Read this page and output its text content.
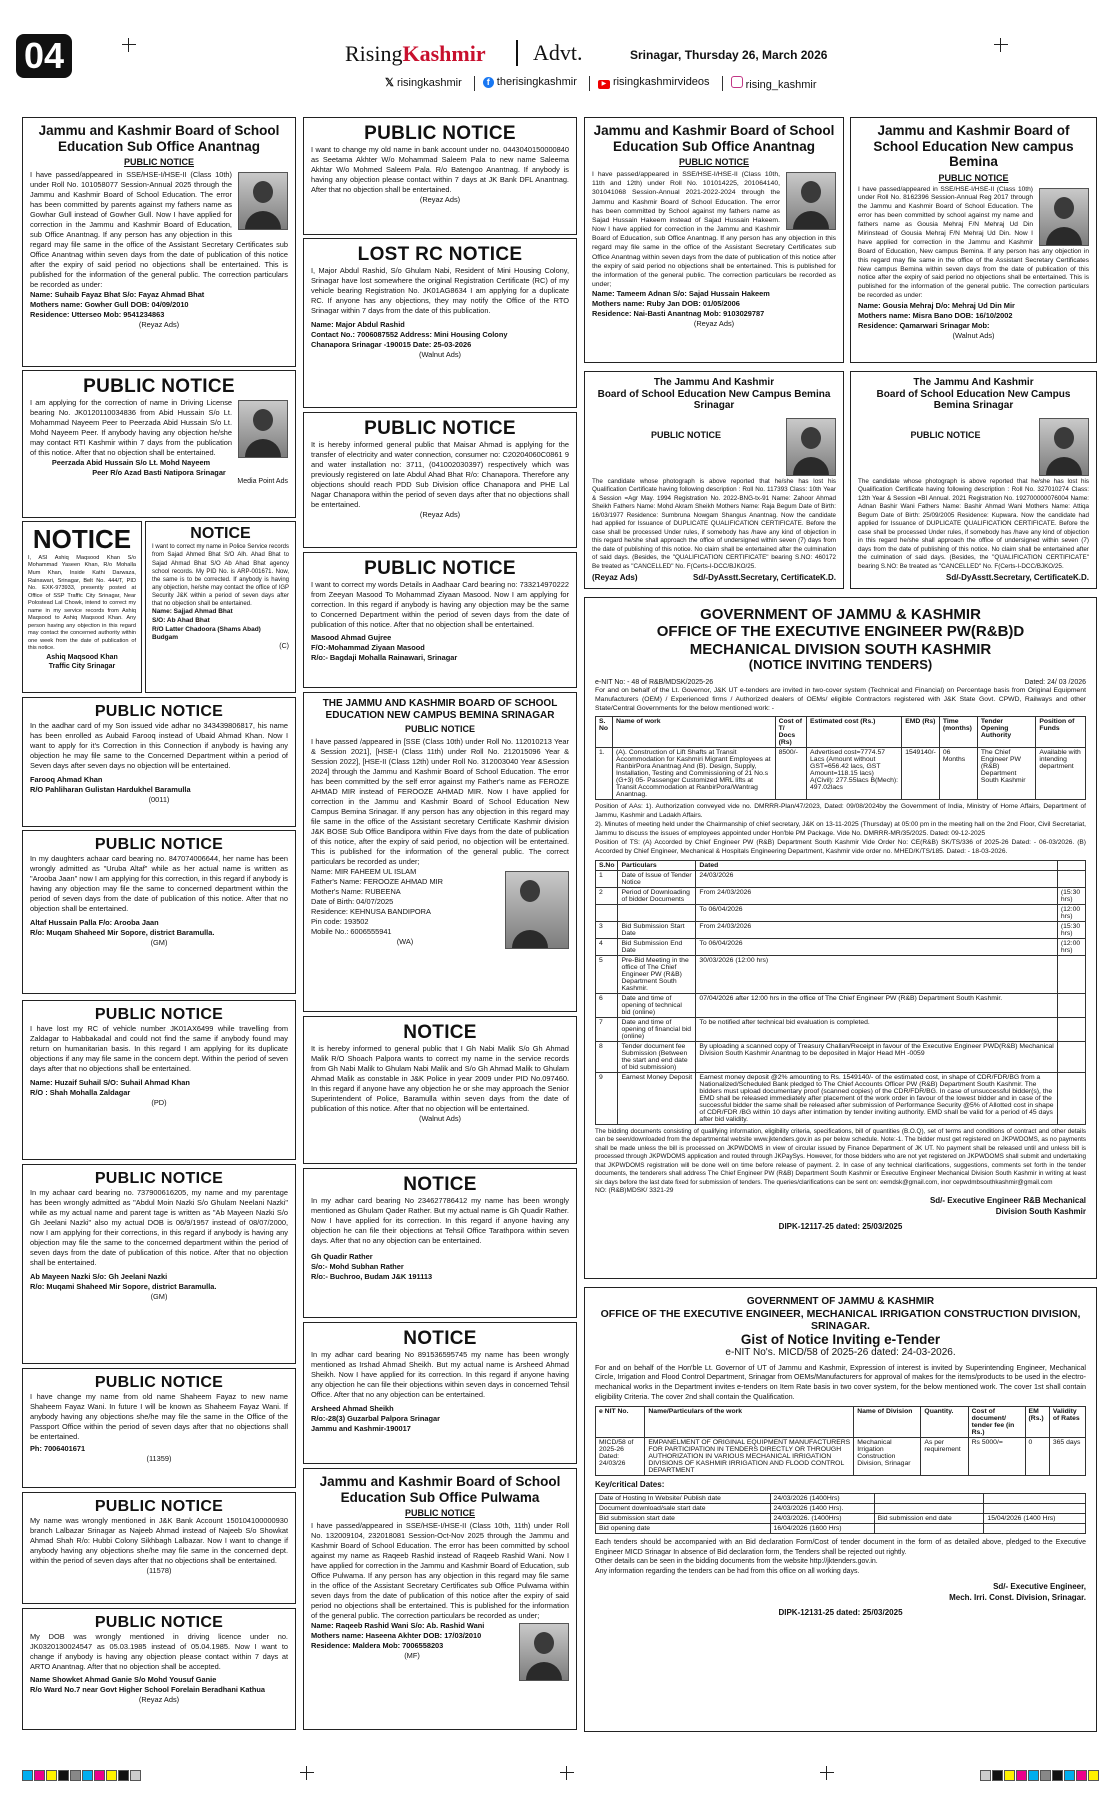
04	RisingKashmir Advt.	Srinagar, Thursday 26, March 2026
𝕏 risingkashmir	f therisingkashmir	▶ risingkashmirvideos	rising_kashmir
Jammu and Kashmir Board of School Education Sub Office Anantnag
PUBLIC NOTICE
I have passed/appeared in SSE/HSE-I/HSE-II (Class 10th) under Roll No. 101058077 Session-Annual 2025 through the Jammu and Kashmir Board of School Education. The error has been committed by parents against my fathers name as Gowhar Gull instead of Gowher Gull. Now I have applied for correction in the Jammu and Kashmir Board of Education, sub Office Anantnag. If any person has any objection in this regard may file same in the office of the Assistant Secretary Certificates sub Office Anantnag within seven days from the date of publication of this notice after the expiry of said period no objections shall be entertained. This is published for the information of the general public. The correction particulars be recorded as under:
Name: Suhaib Fayaz Bhat S/o: Fayaz Ahmad Bhat
Mothers name: Gowher Gull DOB: 04/09/2010
Residence: Utterseo Mob: 9541234863
(Reyaz Ads)
PUBLIC NOTICE
I am applying for the correction of name in Driving License bearing No. JK0120110034836 from Abid Hussain S/o Lt. Mohammad Nayeem Peer to Peerzada Abid Hussain S/o Lt. Mohd Nayeem Peer. If anybody having any objection he/she may contact RTI Kashmir within 7 days from the publication of this notice. After that no objection shall be entertained.
Peerzada Abid Hussain S/o Lt. Mohd Nayeem
Peer R/o Azad Basti Natipora Srinagar
Media Point Ads
NOTICE
I, ASI Ashiq Maqsood Khan S/o Mohammad Yaseen Khan, R/o Mohalla Mum Khan, Inside Kathi Darwaza, Rainawari, Srinagar, Belt No. 444/T, PID No. EXK-973933, presently posted at Office of SSP Traffic City Srinagar, Near Polostead Lal Chowk, intend to correct my name in my service records from Ashiq Maqsood to Ashiq Maqsood Khan. Any person having any objection in this regard may contact the concerned authority within one week from the date of publication of this notice.
Ashiq Maqsood Khan
Traffic City Srinagar
NOTICE
I want to correct my name in Police Service records from Sajad Ahmed Bhat S/O Alh. Ahad Bhat to Sajad Ahmad Bhat S/O Ab Ahad Bhat agency school records. My PID No. is ARP-001671. Now, the same is to be corrected. If anybody is having any objection, he/she may contact the office of IGP Security J&K within a period of seven days after that no objection shall be entertained.
Name: Sajjad Ahmad Bhat
S/O: Ab Ahad Bhat
R/O Latter Chadoora (Shams Abad)
Budgam
(C)
PUBLIC NOTICE
In the aadhar card of my Son issued vide adhar no 343439806817, his name has been enrolled as Aubaid Farooq instead of Ubaid Ahmad Khan. Now I want to apply for it's Correction in this Connection if anybody is having any objection he may file same to the Concerned Department within a period of Seven days after seven days no objection will be entertained.
Farooq Ahmad Khan
R/O Pahliharan Gulistan Hardukhel Baramulla
(0011)
PUBLIC NOTICE
In my daughters achaar card bearing no. 847074006644, her name has been wrongly admitted as "Uruba Altaf" while as her actual name is written as "Arooba Jaan" now I am applying for this correction, in this regard if anybody is having any objection may file the same to concerned department within the period of seven days from the date of publication of this notice. After that no objection shall be entertained.
Altaf Hussain Palla F/o: Arooba Jaan
R/o: Muqam Shaheed Mir Sopore, district Baramulla.
(GM)
PUBLIC NOTICE
I have lost my RC of vehicle number JK01AX6499 while travelling from Zaldagar to Habbakadal and could not find the same if anybody found may return on humanitarian basis. In this regard I am applying for its duplicate objections if any may file same in the concern dept. Within the period of seven days after that no objections shall be entertained.
Name: Huzaif Suhail S/O: Suhail Ahmad Khan
R/O : Shah Mohalla Zaldagar
(PD)
PUBLIC NOTICE
In my achaar card bearing no. 737900616205, my name and my parentage has been wrongly admitted as "Abdul Moin Nazki S/o Ghulam Neelani Nazki" while as my actual name and parent tage is written as "Ab Mayeen Nazki S/o Gh Jeelani Nazki" also my actual DOB is 06/9/1957 instead of 08/07/2000, now I am applying for their corrections, in this regard if anybody is having any objection may file the same to the concerned department within the period of seven days from the date of publication of this notice. After that no objection shall be entertained.
Ab Mayeen Nazki S/o: Gh Jeelani Nazki
R/o: Muqami Shaheed Mir Sopore, district Baramulla.
(GM)
PUBLIC NOTICE
I have change my name from old name Shaheem Fayaz to new name Shaheem Fayaz Wani. In future I will be known as Shaheem Fayaz Wani. If anybody having any objections she/he may file the same in the Office of the Passport Office within the period of seven days after that no objections shall be entertained.
Ph: 7006401671
(11359)
PUBLIC NOTICE
My name was wrongly mentioned in J&K Bank Account 150104100000930 branch Lalbazar Srinagar as Najeeb Ahmad instead of Najeeb S/o Showkat Ahmad Shah R/o: Hubbi Colony Sikhbagh Lalbazar. Now I want to change if anybody having any objections she/he may file same in the concerned dept. within the period of seven days after that no objections shall be entertained.
(11578)
PUBLIC NOTICE
My DOB was wrongly mentioned in driving licence under no. JK0320130024547 as 05.03.1985 instead of 05.04.1985. Now I want to change if anybody is having any objection please contact within 7 days at ARTO Anantnag. After that no objection shall be accepted.
Name Showket Ahmad Ganie S/o Mohd Yousuf Ganie
R/o Ward No.7 near Govt Higher School Forelain Beradhani Kathua
(Reyaz Ads)
PUBLIC NOTICE
I want to change my old name in bank account under no. 0443040150000840 as Seetama Akhter W/o Mohammad Saleem Pala to new name Saleema Akhtar W/o Mohmed Saleem Pala. R/o Batengoo Anantnag. If anybody is having any objection please contact within 7 days at JK Bank DFL Anantnag. After that no objection shall be entertained.
(Reyaz Ads)
LOST RC NOTICE
I, Major Abdul Rashid, S/o Ghulam Nabi, Resident of Mini Housing Colony, Srinagar have lost somewhere the original Registration Certificate (RC) of my vehicle bearing Registration No. JK01AG8634 I am applying for a duplicate RC. If anyone has any objections, they may notify the Office of the RTO Srinagar within 7 days from the date of this publication.
Name: Major Abdul Rashid
Contact No.: 7006087552 Address: Mini Housing Colony
Chanapora Srinagar -190015 Date: 25-03-2026
(Walnut Ads)
PUBLIC NOTICE
It is hereby informed general public that Maisar Ahmad is applying for the transfer of electricity and water connection, consumer no: C20204060C0861 9 and water installation no: 3711, (041002030397) respectively which was previously registered on late Abdul Ahad Bhat R/o: Chanapora. Therefore any objections should reach PDD Sub Division office Chanapora and PHE Lal Nagar Chanapora within the period of seven days after that no objections shall be entertained.
(Reyaz Ads)
PUBLIC NOTICE
I want to correct my words Details in Aadhaar Card bearing no: 733214970222 from Zeeyan Masood To Mohammad Ziyaan Masood. Now I am applying for correction. In this regard if anybody is having any objection may be the same to Concerned Department within the period of seven days from the date of publication of this notice. After that no objection shall be entertained.
Masood Ahmad Gujree
F/O:-Mohammad Ziyaan Masood
R/o:- Bagdaji Mohalla Rainawari, Srinagar
THE JAMMU AND KASHMIR BOARD OF SCHOOL EDUCATION NEW CAMPUS BEMINA SRINAGAR
PUBLIC NOTICE
I have passed /appeared in [SSE (Class 10th) under Roll No. 112010213 Year & Session 2021], [HSE-I (Class 11th) under Roll No. 212015096 Year & Session 2022], [HSE-II (Class 12th) under Roll No. 312003040 Year &Session 2024] through the Jammu and Kashmir Board of School Education. The error has been committed by the self error against my Father's name as FEROZE AHMAD MIR instead of FEROOZE AHMAD MIR. Now I have applied for correction in the Jammu and Kashmir Board of School Education New Campus Bemina Srinagar. If any person has any objection in this regard may file same in the office of the Assistant secretary Certificate Kashmir division J&K BOSE Sub Office Bandipora within Five days from the date of publication of this notice, after the expiry of said period, no objection will be entertained. This is published for the information of the general public. The correct particulars be recorded as under;
Name: MIR FAHEEM UL ISLAM
Father's Name: FEROOZE AHMAD MIR
Mother's Name: RUBEENA
Date of Birth: 04/07/2025
Residence: KEHNUSA BANDIPORA
Pin code: 193502
Mobile No.: 6006555941
(WA)
NOTICE
It is hereby informed to general public that I Gh Nabi Malik S/o Gh Ahmad Malik R/O Shoach Palpora wants to correct my name in the service records from Gh Nabi Malik to Ghulam Nabi Malik and S/o Gh Ahmad Malik to Ghulam Ahmad Malik as constable in J&K Police in year 2009 under PID No.097460. In this regard if anyone have any objection he or she may approach the Senior Superintendent of Police, Baramulla within seven days from the date of publication of this notice. After that no objection will be entertained.
(Walnut Ads)
NOTICE
In my adhar card bearing No 234627786412 my name has been wrongly mentioned as Ghulam Qader Rather. But my actual name is Gh Quadir Rather. Now I have applied for its correction. In this regard if anyone having any objection he can file their objections at Tehsil Office Tarathpora within seven days. After that no any objection can be entertained.
Gh Quadir Rather
S/o:- Mohd Subhan Rather
R/o:- Buchroo, Budam J&K 191113
NOTICE
In my adhar card bearing No 891536595745 my name has been wrongly mentioned as Irshad Ahmad Sheikh. But my actual name is Arsheed Ahmad Sheikh. Now I have applied for its correction. In this regard if anyone having any objection he can file their objections within seven days in concerned Tehsil Office. After that no any objection can be entertained.
Arsheed Ahmad Sheikh
R/o:-28(3) Guzarbal Palpora Srinagar
Jammu and Kashmir-190017
Jammu and Kashmir Board of School Education Sub Office Pulwama
PUBLIC NOTICE
I have passed/appeared in SSE/HSE-I/HSE-II (Class 10th, 11th) under Roll No. 132009104, 232018081 Session-Oct-Nov 2025 through the Jammu and Kashmir Board of School Education. The error has been committed by school against my name as Raqeeb Rashid instead of Raqeeb Rashid Wani. Now I have applied for correction in the Jammu and Kashmir Board of Education, sub Office Pulwama. If any person has any objection in this regard may file same in the office of the Assistant Secretary Certificates sub Office Pulwama within seven days from the date of publication of this notice after the expiry of said period no objections shall be entertained. This is published for the information of the general public. The correction particulars be recorded as under;
Name: Raqeeb Rashid Wani S/o: Ab. Rashid Wani
Mothers name: Haseena Akhter DOB: 17/03/2010
Residence: Maldera Mob: 7006558203
(MF)
Jammu and Kashmir Board of School Education Sub Office Anantnag
PUBLIC NOTICE
I have passed/appeared in SSE/HSE-I/HSE-II (Class 10th, 11th and 12th) under Roll No. 101014225, 201064140, 301041068 Session-Annual 2021-2022-2024 through the Jammu and Kashmir Board of School Education. The error has been committed by School against my fathers name as Sajad Hussain Hakeem instead of Sajad Hussain Hakeem. Now I have applied for correction in the Jammu and Kashmir Board of Education, sub Office Anantnag. If any person has any objection in this regard may file same in the office of the Assistant Secretary Certificates sub Office Anantnag within seven days from the date of publication of this notice after the expiry of said period no objections shall be entertained. This is published for the information of the general public. The correction particulars be recorded as under;
Name: Tameem Adnan S/o: Sajad Hussain Hakeem
Mothers name: Ruby Jan DOB: 01/05/2006
Residence: Nai-Basti Anantnag Mob: 9103029787
(Reyaz Ads)
Jammu and Kashmir Board of School Education New campus Bemina
PUBLIC NOTICE
I have passed/appeared in SSE/HSE-I/HSE-II (Class 10th) under Roll No. 8162396 Session-Annual Reg 2017 through the Jammu and Kashmir Board of School Education. The error has been committed by school against my name and fathers name as Gousia Mehraj F/N Mehraj Ud Din Mirinstead of Gousia Mehraj F/N Mehraj Ud Din. Now I have applied for correction in the Jammu and Kashmir Board of Education, New campus Bemina. If any person has any objection in this regard may file same in the office of the Assistant Secretary Certificates New campus Bemina within seven days from the date of publication of this notice after the expiry of said period no objections shall be entertained. This is published for the information of the general public. The correction particulars be recorded as under:
Name: Gousia Mehraj D/o: Mehraj Ud Din Mir
Mothers name: Misra Bano DOB: 16/10/2002
Residence: Qamarwari Srinagar Mob:
(Walnut Ads)
The Jammu And Kashmir
Board of School Education New Campus Bemina Srinagar
PUBLIC NOTICE
The candidate whose photograph is above reported that he/she has lost his Qualification Certificate having following description : Roll No. 117393 Class: 10th Year & Session =Agr May. 1994 Registration No. 2022-BNG-tx-91 Name: Zahoor Ahmad Sheikh Fathers Name: Mohd Akram Sheikh Mothers Name: Raja Begum Date of Birth: 16/03/1977 Residence: Sumbruna Nowgam Shangus Anantnag. Now the candidate had applied for Issuance of DUPLICATE QUALIFICATION CERTIFICATE. Before the case shall be processed Under rules, if somebody has /have any kind of objection in this regard he/she shall approach the office of undersigned within seven (7) days from the date of publishing of this notice. No claim shall be entertained after the culmination of said days. (Besides, the "QUALIFICATION CERTIFICATE" bearing S.NO: 460172 Be treated as "CANCELLED" No. F(Certs-I-DCC/BJKO/25.
(Reyaz Ads)	Sd/-DyAsstt.Secretary, CertificateK.D.
The Jammu And Kashmir
Board of School Education New Campus Bemina Srinagar
PUBLIC NOTICE
The candidate whose photograph is above reported that he/she has lost his Qualification Certificate having following description : Roll No. 327010274 Class: 12th Year & Session =BI Annual. 2021 Registration No. 192700000076004 Name: Adnan Bashir Wani Fathers Name: Bashir Ahmad Wani Mothers Name: Attiqa Begum Date of Birth: 25/09/2005 Residence: Kupwara. Now the candidate had applied for Issuance of DUPLICATE QUALIFICATION CERTIFICATE. Before the case shall be processed Under rules, if somebody has /have any kind of objection in this regard he/she shall approach the office of undersigned within seven (7) days from the date of publishing of this notice. No claim shall be entertained after the culmination of said days. (Besides, the "QUALIFICATION CERTIFICATE" bearing S.NO: Be treated as "CANCELLED" No. F(Certs-I-DCC/BJKO/25.
Sd/-DyAsstt.Secretary, CertificateK.D.
GOVERNMENT OF JAMMU & KASHMIR
OFFICE OF THE EXECUTIVE ENGINEER PW(R&B)D
MECHANICAL DIVISION SOUTH KASHMIR
(NOTICE INVITING TENDERS)
e-NIT No: - 48 of R&B/MDSK/2025-26	Dated: 24/ 03 /2026
For and on behalf of the Lt. Governor, J&K UT e-tenders are invited in two-cover system (Technical and Financial) on Percentage basis from Original Equipment Manufacturers (OEM) / Experienced firms / Authorized dealers of OEMs/ eligible Contractors registered with J&K State Govt. CPWD, Railways and other State/Central Governments for the below mentioned work: -
S. No	Name of work	Cost of T/ Docs (Rs)	Estimated cost (Rs.)	EMD (Rs)	Time (months)	Tender Opening Authority	Position of Funds
1.	(A). Construction of Lift Shafts at Transit Accommodation for Kashmiri Migrant Employees at RanbirPora Anantnag And (B). Design, Supply, Installation, Testing and Commissioning of 21 No.s (G+3) 05- Passenger Customized MRL lifts at Transit Accommodation at RanbirPora/Wantrag Anantnag.	8500/-	Advertised cost=7774.57 Lacs (Amount without GST=656.42 lacs, GST Amount=118.15 lacs) A(Civil): 277.55lacs B(Mech): 497.02lacs	1549140/-	06 Months	The Chief Engineer PW (R&B) Department South Kashmir	Available with intending department
Position of AAs: 1). Authorization conveyed vide no. DMRRR-Plan/47/2023, Dated: 09/08/2024by the Government of India, Ministry of Home Affairs, Department of Jammu, Kashmir and Ladakh Affairs.
2). Minutes of meeting held under the Chairmanship of chief secretary, J&K on 13-11-2025 (Thursday) at 05:00 pm in the meeting hall on the 2nd Floor, Civil Secretariat, Jammu to discuss the issues of employees appointed under Hon'ble PM Package. Vide No. DMRRR-MR/35/2025. Dated: 09-12-2025
Position of TS: (A) Accorded by Chief Engineer PW (R&B) Department South Kashmir Vide Order No: CE(R&B) SK/TS/336 of 2025-26 Dated: - 06-03/2026. (B) Accorded by Chief Engineer, Mechanical & Hospitals Engineering Department, Kashmir vide order no. MHED/K/TS/185. Dated: - 18-03-2026.
S.No	Particulars	Dated	
1	Date of Issue of Tender Notice	24/03/2026	
2	Period of Downloading of bidder Documents	From 24/03/2026	(15:30 hrs)
		To 06/04/2026	(12:00 hrs)
3	Bid Submission Start Date	From 24/03/2026	(15:30 hrs)
4	Bid Submission End Date	To 06/04/2026	(12:00 hrs)
5	Pre-Bid Meeting in the office of The Chief Engineer PW (R&B) Department South Kashmir.	30/03/2026 (12:00 hrs)	
6	Date and time of opening of technical bid (online)	07/04/2026 after 12:00 hrs in the office of The Chief Engineer PW (R&B) Department South Kashmir.	
7	Date and time of opening of financial bid (online)	To be notified after technical bid evaluation is completed.	
8	Tender document fee Submission (Between the start and end date of bid submission)	By uploading a scanned copy of Treasury Challan/Receipt in favour of the Executive Engineer PWD(R&B) Mechanical Division South Kashmir Anantnag to be deposited in Major Head MH -0059	
9	Earnest Money Deposit	Earnest money deposit @2% amounting to Rs. 1549140/- of the estimated cost, in shape of CDR/FDR/BG from a Nationalized/Scheduled Bank pledged to The Chief Accounts Officer PW (R&B) Department South Kashmir. The bidders must upload documentary proof (scanned copies) of the CDR/FDR/BG. In case of unsuccessful bidder(s), the EMD shall be released immediately after placement of the work order in favour of the lowest bidder and in case of the successful bidder the same shall be released after submission of Performance Security @5% of Allotted cost in shape of CDR/FDR /BG within 10 days after intimation by tender inviting authority. EMD shall be valid for a period of 45 days after bid validity.	
The bidding documents consisting of qualifying information, eligibility criteria, specifications, bill of quantities (B.O.Q), set of terms and conditions of contract and other details can be seen/downloaded from the departmental website www.jktenders.gov.in as per below schedule. Note:-1. The bidder must get registered on JKPWDOMS, as no payments shall be made unless the bill is processed on JKPWDOMS in view of circular issued by Finance Department of JK UT. No payment shall be released until and unless bill is processed through JKPWDOMS application and routed through JKPaySys. However, for those bidders who are not yet registered on JKPWDOMS shall submit and undertaking that JKPWDOMS registration will be done well on time before release of payment. 2. In case of any technical clarifications, suggestions, comments set forth in the tender documents, the tenderers shall address The Chief Engineer PW (R&B) Department South Kashmir or Executive Engineer Mechanical Division South Kashmir in writing at least six days before the last date fixed for submission of tenders. The queries/clarifications can be sent on: eemdsk@gmail.com, inor cepwdmbsouthkashmir@gmail.com
NO: (R&B)MDSK/ 3321-29
Sd/- Executive Engineer R&B Mechanical
Division South Kashmir
DIPK-12117-25 dated: 25/03/2025
GOVERNMENT OF JAMMU & KASHMIR
OFFICE OF THE EXECUTIVE ENGINEER, MECHANICAL IRRIGATION CONSTRUCTION DIVISION, SRINAGAR.
Gist of Notice Inviting e-Tender
e-NIT No's. MICD/58 of 2025-26 dated: 24-03-2026.
For and on behalf of the Hon'ble Lt. Governor of UT of Jammu and Kashmir, Expression of interest is invited by Superintending Engineer, Mechanical Circle, Irrigation and Flood Control Department, Srinagar from OEMs/Manufacturers for approval of makes for the items/products to be used in the electro-mechanical works in the Department invites e-tenders on Item Rate basis in two cover system, for the below mentioned work. The cover 1st shall contain eligibility Criteria. The cover 2nd shall contain the Qualification.
e NIT No.	Name/Particulars of the work	Name of Division	Quantity.	Cost of document/ tender fee (in Rs.)	EM (Rs.)	Validity of Rates
MICD/58 of 2025-26 Dated: 24/03/26	EMPANELMENT OF ORIGINAL EQUIPMENT MANUFACTURERS FOR PARTICIPATION IN TENDERS DIRECTLY OR THROUGH AUTHORIZATION IN VARIOUS MECHANICAL IRRIGATION DIVISIONS OF KASHMIR IRRIGATION AND FLOOD CONTROL DEPARTMENT	Mechanical Irrigation Construction Division, Srinagar	As per requirement	Rs 5000/=	0	365 days
Key/critical Dates:
Date of Hosting In Website/ Publish date	24/03/2026 (1400Hrs)		
Document download/sale start date	24/03/2026 (1400 Hrs).		
Bid submission start date	24/03/2026. (1400Hrs)	Bid submission end date	15/04/2026 (1400 Hrs)
Bid opening date	16/04/2026 (1600 Hrs)		
Each tenders should be accompanied with an Bid declaration Form/Cost of tender document in the form of as detailed above, pledged to the Executive Engineer MICD Srinagar In absence of Bid declaration form, the Tenders shall be rejected out rightly.
Other details can be seen in the bidding documents from the website http://jktenders.gov.in.
Any information regarding the tenders can be had from this office on all working days.
Sd/- Executive Engineer,
Mech. Irri. Const. Division, Srinagar.
DIPK-12131-25 dated: 25/03/2025
